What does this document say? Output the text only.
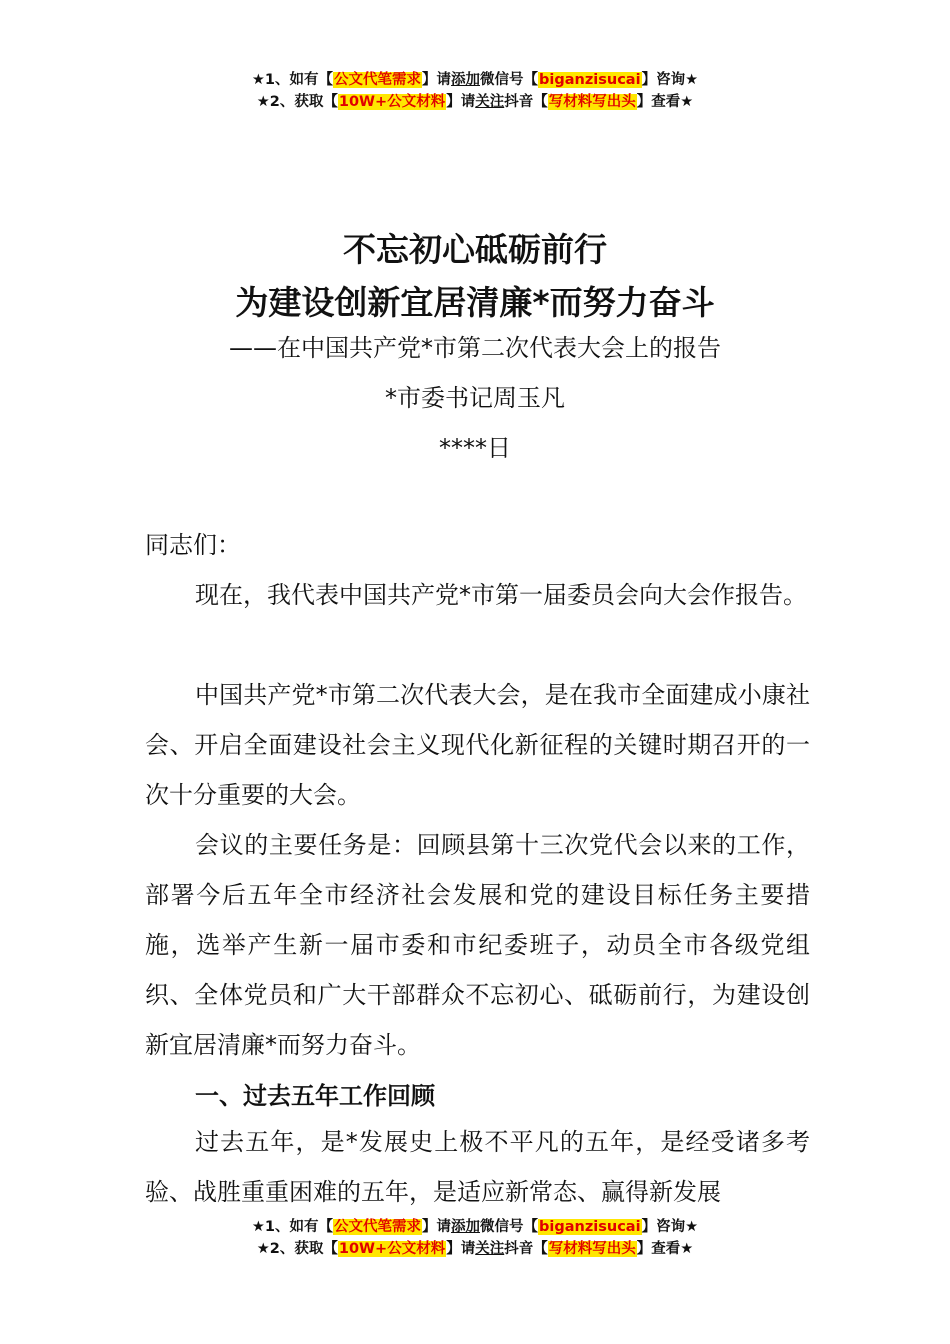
★1、如有【公文代笔需求】请添加微信号【biganzisucai】咨询★
★2、获取【10W+公文材料】请关注抖音【写材料写出头】查看★
不忘初心砥砺前行
为建设创新宜居清廉*而努力奋斗
——在中国共产党*市第二次代表大会上的报告
*市委书记周玉凡
****日

同志们：

现在，我代表中国共产党*市第一届委员会向大会作报告。

中国共产党*市第二次代表大会，是在我市全面建成小康社会、开启全面建设社会主义现代化新征程的关键时期召开的一次十分重要的大会。

会议的主要任务是：回顾县第十三次党代会以来的工作，部署今后五年全市经济社会发展和党的建设目标任务主要措施，选举产生新一届市委和市纪委班子，动员全市各级党组织、全体党员和广大干部群众不忘初心、砥砺前行，为建设创新宜居清廉*而努力奋斗。

一、过去五年工作回顾

过去五年，是*发展史上极不平凡的五年，是经受诸多考验、战胜重重困难的五年，是适应新常态、赢得新发展

★1、如有【公文代笔需求】请添加微信号【biganzisucai】咨询★
★2、获取【10W+公文材料】请关注抖音【写材料写出头】查看★
